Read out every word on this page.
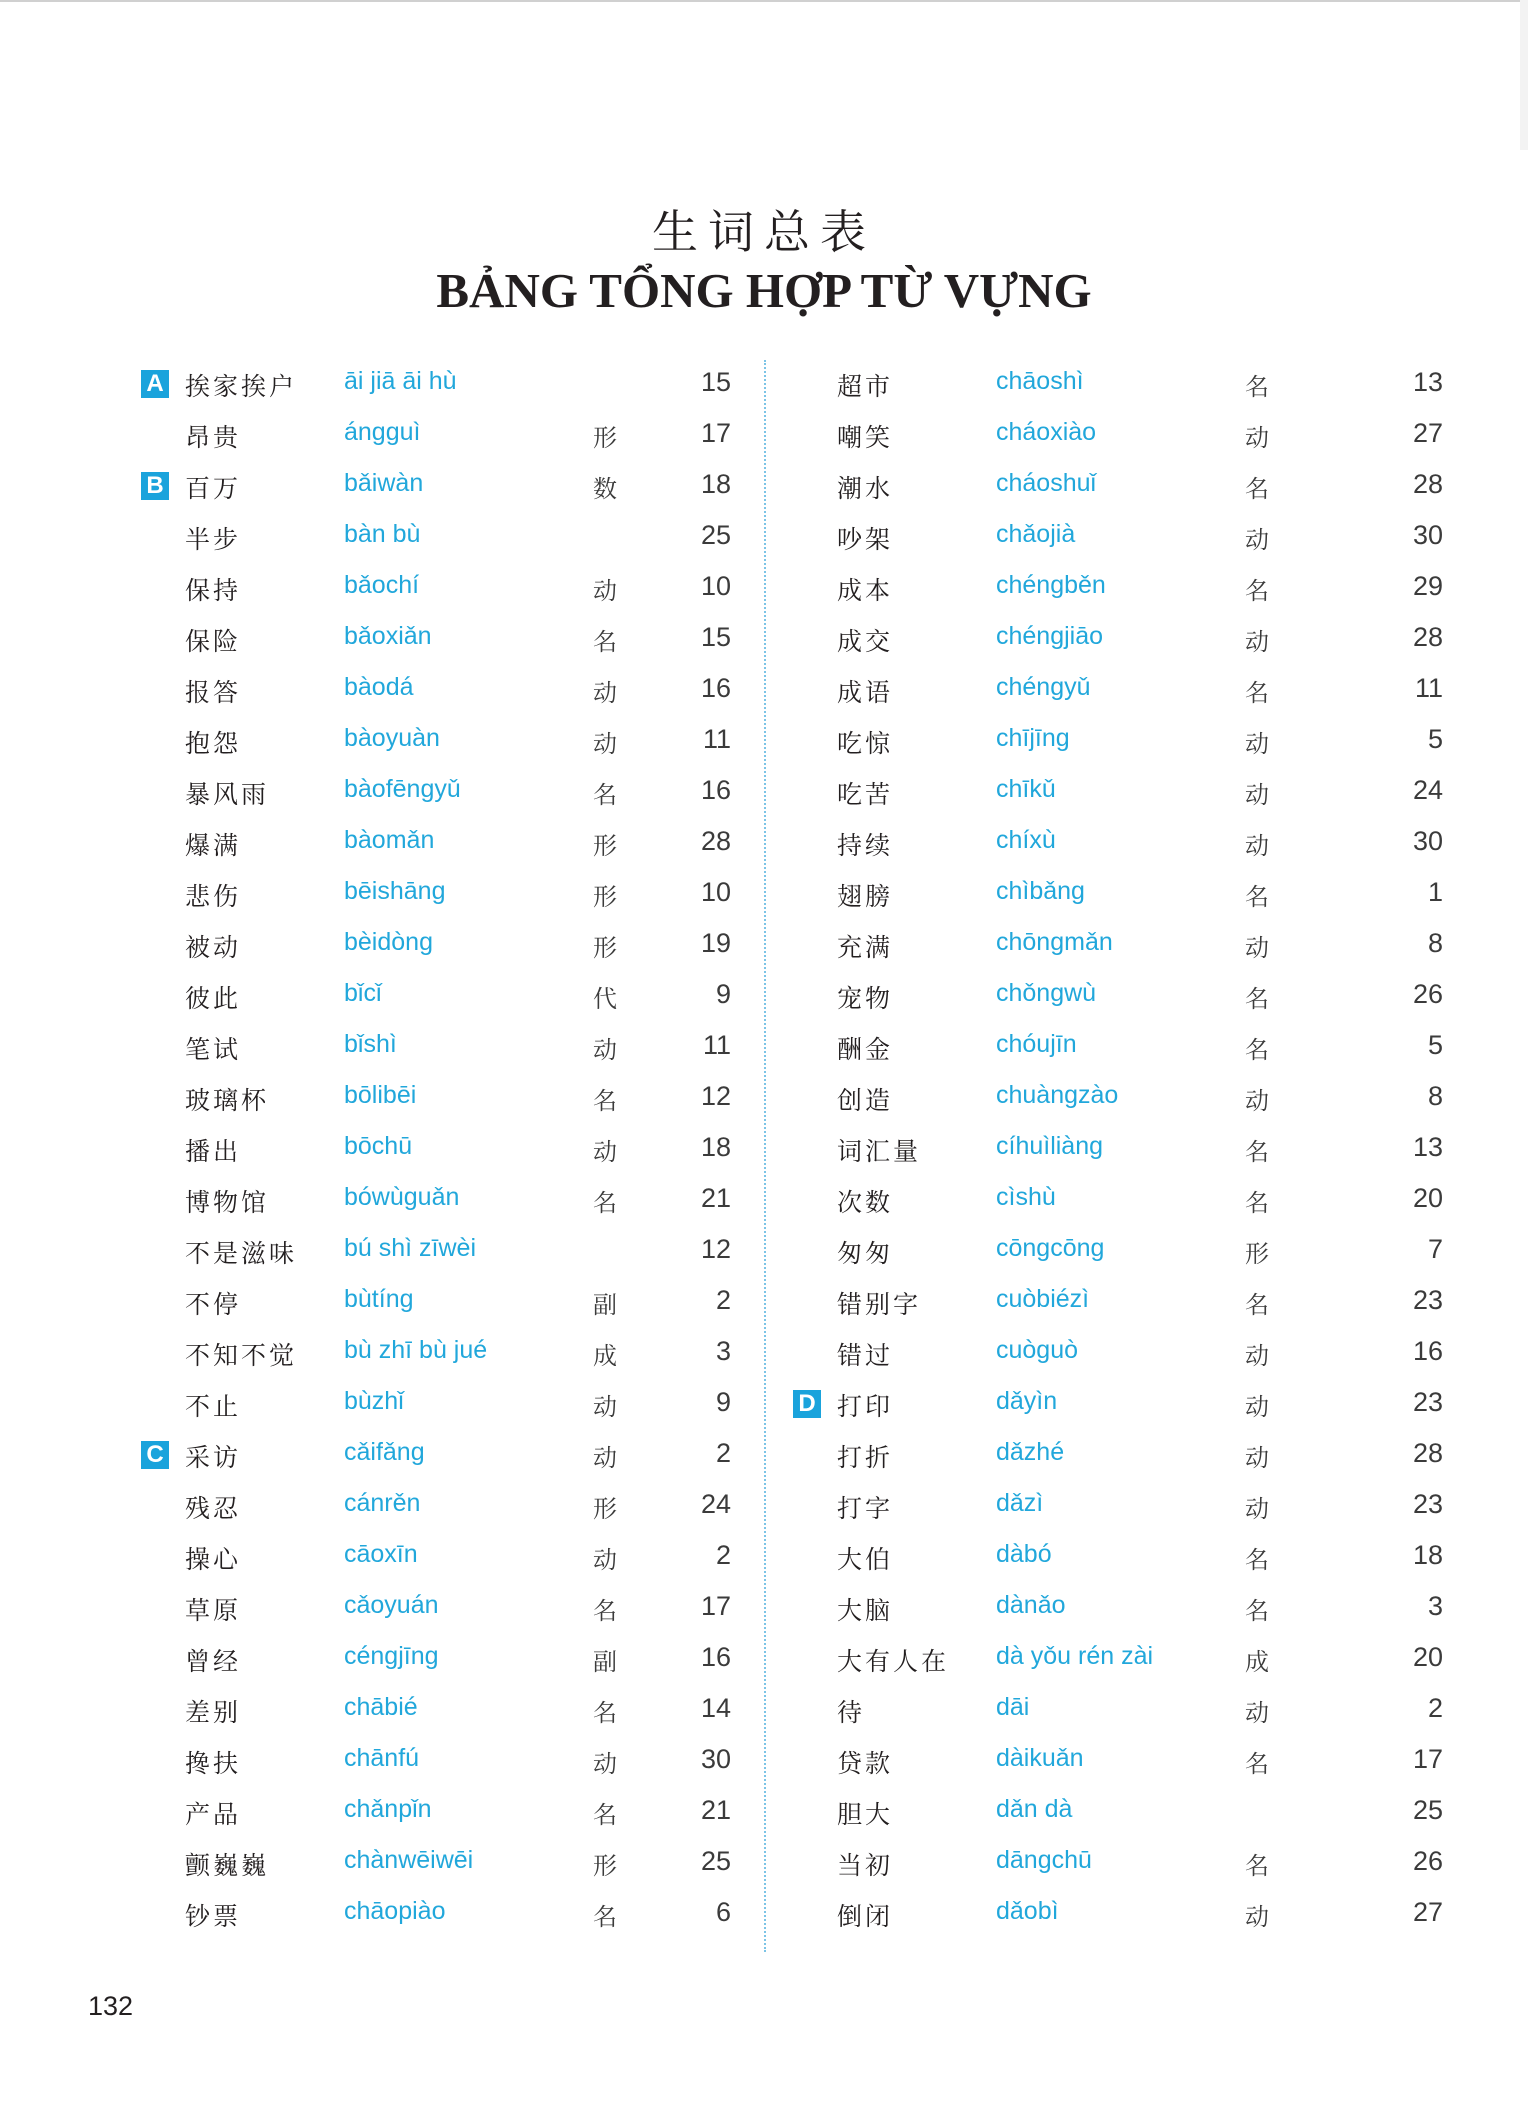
生词总表
BẢNG TỔNG HỢP TỪ VỰNG
A 挨家挨户 āi jiā āi hù	15
昂贵	ángguì	形	17
B 百万	bǎiwàn	数	18
半步	bàn bù	25
保持	bǎochí	动	10
保险	bǎoxiǎn	名	15
报答	bàodá	动	16
抱怨	bàoyuàn	动	11
暴风雨	bàofēngyǔ	名	16
爆满	bàomǎn	形	28
悲伤	bēishāng	形	10
被动	bèidòng	形	19
彼此	bǐcǐ	代	9
笔试	bǐshì	动	11
玻璃杯	bōlibēi	名	12
播出	bōchū	动	18
博物馆	bówùguǎn	名	21
不是滋味 bú shì zīwèi	12
不停	bùtíng	副	2
不知不觉 bù zhī bù jué	成	3
不止	bùzhǐ	动	9
C 采访	cǎifǎng	动	2
残忍	cánrěn	形	24
操心	cāoxīn	动	2
草原	cǎoyuán	名	17
曾经	céngjīng	副	16
差别	chābié	名	14
搀扶	chānfú	动	30
产品	chǎnpǐn	名	21
颤巍巍	chànwēiwēi	形	25
钞票	chāopiào	名	6
超市	chāoshì	名	13
嘲笑	cháoxiào	动	27
潮水	cháoshuǐ	名	28
吵架	chǎojià	动	30
成本	chéngběn	名	29
成交	chéngjiāo	动	28
成语	chéngyǔ	名	11
吃惊	chījīng	动	5
吃苦	chīkǔ	动	24
持续	chíxù	动	30
翅膀	chìbǎng	名	1
充满	chōngmǎn	动	8
宠物	chǒngwù	名	26
酬金	chóujīn	名	5
创造	chuàngzào	动	8
词汇量	cíhuìliàng	名	13
次数	cìshù	名	20
匆匆	cōngcōng	形	7
错别字	cuòbiézì	名	23
错过	cuòguò	动	16
D 打印	dǎyìn	动	23
打折	dǎzhé	动	28
打字	dǎzì	动	23
大伯	dàbó	名	18
大脑	dànǎo	名	3
大有人在 dà yǒu rén zài	成	20
待	dāi	动	2
贷款	dàikuǎn	名	17
胆大	dǎn dà	25
当初	dāngchū	名	26
倒闭	dǎobì	动	27
132
